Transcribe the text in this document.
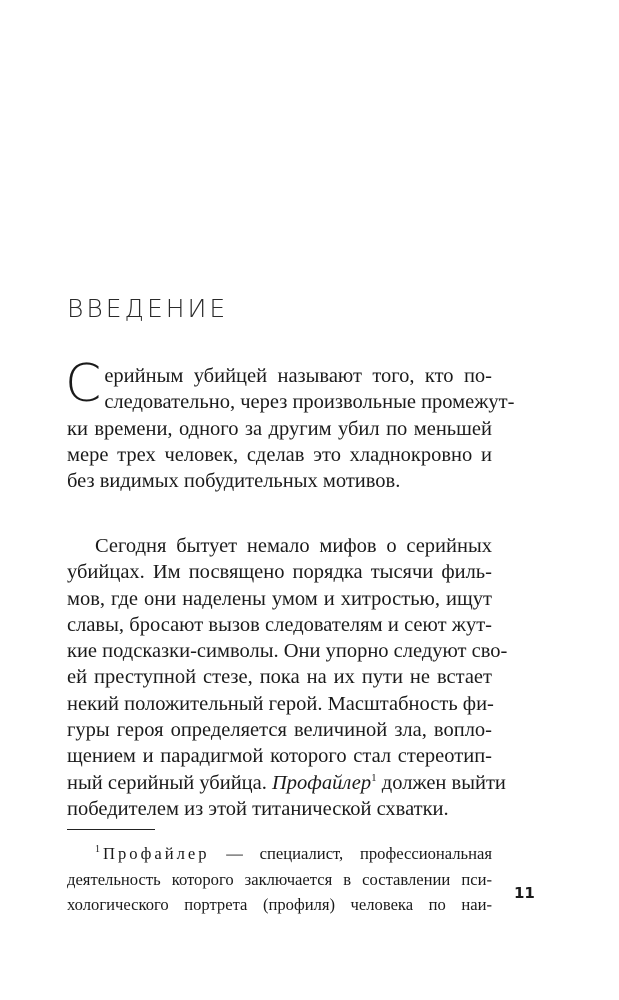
ВВЕДЕНИЕ
С ерийным убийцей называют того, кто по-
следовательно, через произвольные промежут-
ки времени, одного за другим убил по меньшей
мере трех человек, сделав это хладнокровно и
без видимых побудительных мотивов.
Сегодня бытует немало мифов о серийных
убийцах. Им посвящено порядка тысячи филь-
мов, где они наделены умом и хитростью, ищут
славы, бросают вызов следователям и сеют жут-
кие подсказки-символы. Они упорно следуют сво-
ей преступной стезе, пока на их пути не встает
некий положительный герой. Масштабность фи-
гуры героя определяется величиной зла, вопло-
щением и парадигмой которого стал стереотип-
ный серийный убийца. Профайлер$^1$ должен выйти
победителем из этой титанической схватки.
$^1$ Профайлер — специалист, профессиональная
деятельность которого заключается в составлении пси-
хологического портрета (профиля) человека по наи-
11
